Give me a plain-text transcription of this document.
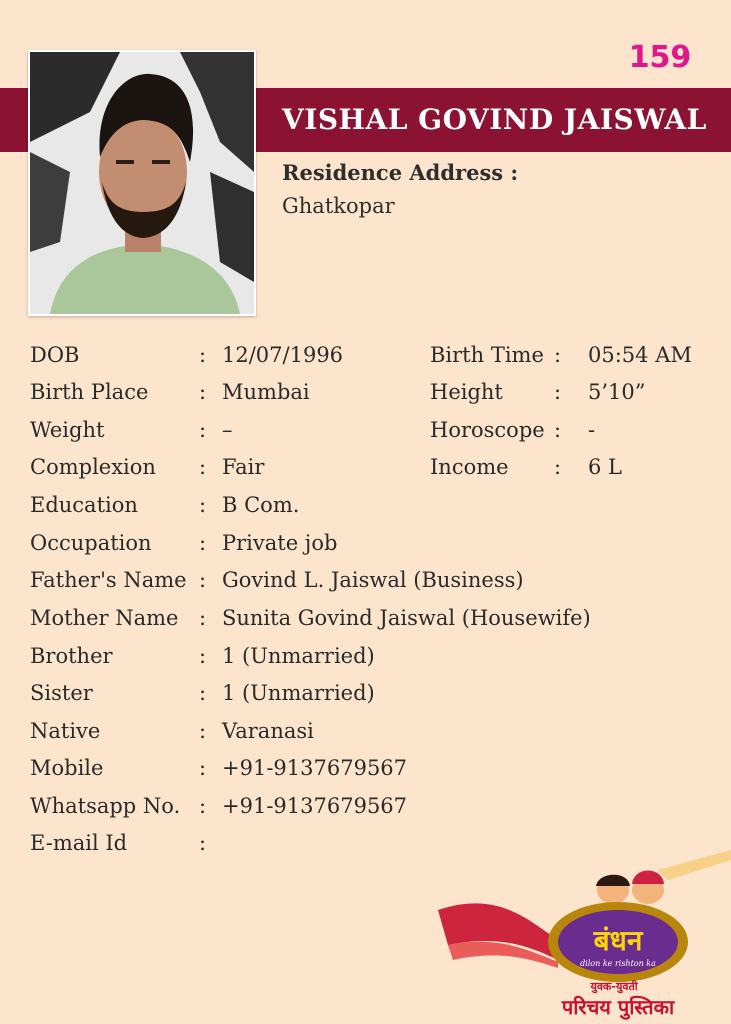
159
VISHAL GOVIND JAISWAL
Residence Address :
Ghatkopar
DOB	: 12/07/1996	Birth Time : 05:54 AM
Birth Place : Mumbai	Height : 5’10”
Weight	: –	Horoscope : -
Complexion : Fair	Income : 6 L
Education	: B Com.
Occupation : Private job
Father's Name : Govind L. Jaiswal (Business)
Mother Name : Sunita Govind Jaiswal (Housewife)
Brother	: 1 (Unmarried)
Sister	: 1 (Unmarried)
Native	: Varanasi
Mobile	: +91-9137679567
Whatsapp No. : +91-9137679567
E-mail Id	:
बंधन
dilon ke rishton ka
युवक-युवती
परिचय पुस्तिका
